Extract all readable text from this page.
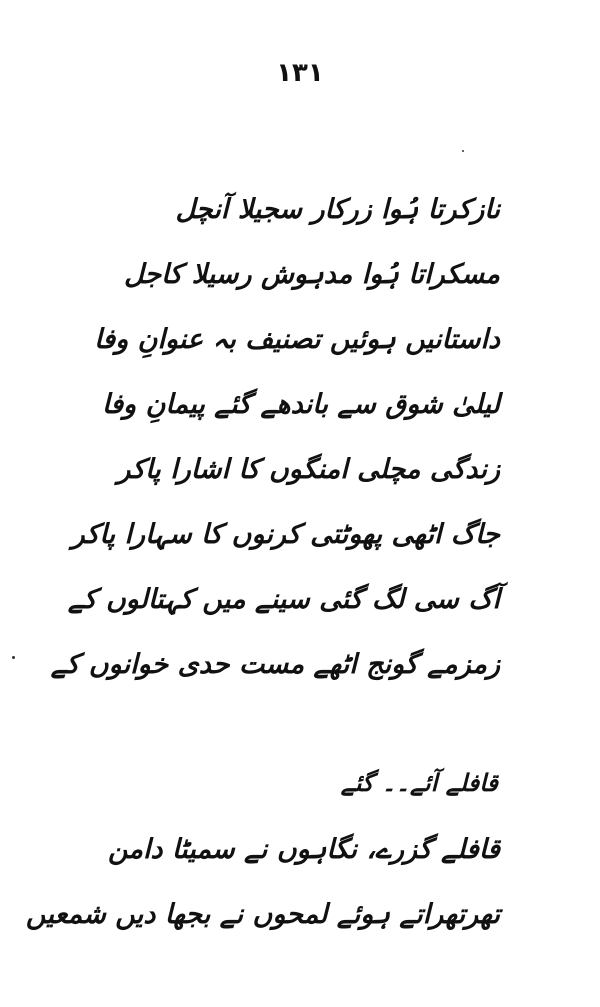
۱۳۱
نازکرتا ہُوا زرکار سجیلا آنچل
مسکراتا ہُوا مدہوش رسیلا کاجل
داستانیں ہوئیں تصنیف بہ عنوانِ وفا
لیلیٰ شوق سے باندھے گئے پیمانِ وفا
زندگی مچلی امنگوں کا اشارا پاکر
جاگ اٹھی پھوٹتی کرنوں کا سہارا پاکر
آگ سی لگ گئی سینے میں کہتالوں کے
زمزمے گونج اٹھے مست حدی خوانوں کے
قافلے آئے۔۔ گئے
قافلے گزرے، نگاہوں نے سمیٹا دامن
تھرتھراتے ہوئے لمحوں نے بجھا دیں شمعیں
